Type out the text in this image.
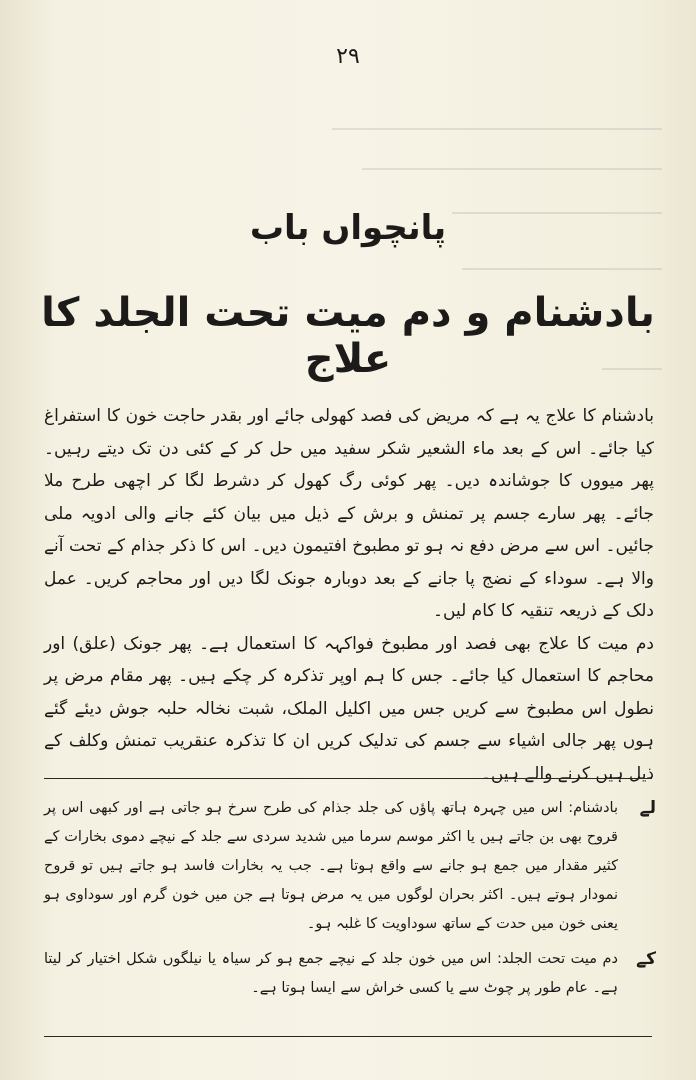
۲۹
پانچواں باب
بادشنام و دم میت تحت الجلد کا علاج

بادشنام کا علاج یہ ہے کہ مریض کی فصد کھولی جائے اور بقدر حاجت خون کا استفراغ کیا جائے۔ اس کے بعد ماء الشعیر شکر سفید میں حل کر کے کئی دن تک دیتے رہیں۔ پھر میووں کا جوشاندہ دیں۔ پھر کوئی رگ کھول کر دشرط لگا کر اچھی طرح ملا جائے۔ پھر سارے جسم پر تمنش و برش کے ذیل میں بیان کئے جانے والی ادویہ ملی جائیں۔ اس سے مرض دفع نہ ہو تو مطبوخ افتیمون دیں۔ اس کا ذکر جذام کے تحت آنے والا ہے۔ سوداء کے نضج پا جانے کے بعد دوبارہ جونک لگا دیں اور محاجم کریں۔ عمل دلک کے ذریعہ تنقیہ کا کام لیں۔

دم میت کا علاج بھی فصد اور مطبوخ فواکہہ کا استعمال ہے۔ پھر جونک (علق) اور محاجم کا استعمال کیا جائے۔ جس کا ہم اوپر تذکرہ کر چکے ہیں۔ پھر مقام مرض پر نطول اس مطبوخ سے کریں جس میں اکلیل الملک، شبت نخالہ حلبہ جوش دیئے گئے ہوں پھر جالی اشیاء سے جسم کی تدلیک کریں ان کا تذکرہ عنقریب تمنش وکلف کے ذیل ہیں کرنے والے ہیں۔

لے
بادشنام: اس میں چہرہ ہاتھ پاؤں کی جلد جذام کی طرح سرخ ہو جاتی ہے اور کبھی اس پر قروح بھی بن جاتے ہیں یا اکثر موسم سرما میں شدید سردی سے جلد کے نیچے دموی بخارات کے کثیر مقدار میں جمع ہو جانے سے واقع ہوتا ہے۔ جب یہ بخارات فاسد ہو جاتے ہیں تو قروح نمودار ہوتے ہیں۔ اکثر بحران لوگوں میں یہ مرض ہوتا ہے جن میں خون گرم اور سوداوی ہو یعنی خون میں حدت کے ساتھ سوداویت کا غلبہ ہو۔
کے
دم میت تحت الجلد: اس میں خون جلد کے نیچے جمع ہو کر سیاہ یا نیلگوں شکل اختیار کر لیتا ہے۔ عام طور پر چوٹ سے یا کسی خراش سے ایسا ہوتا ہے۔
